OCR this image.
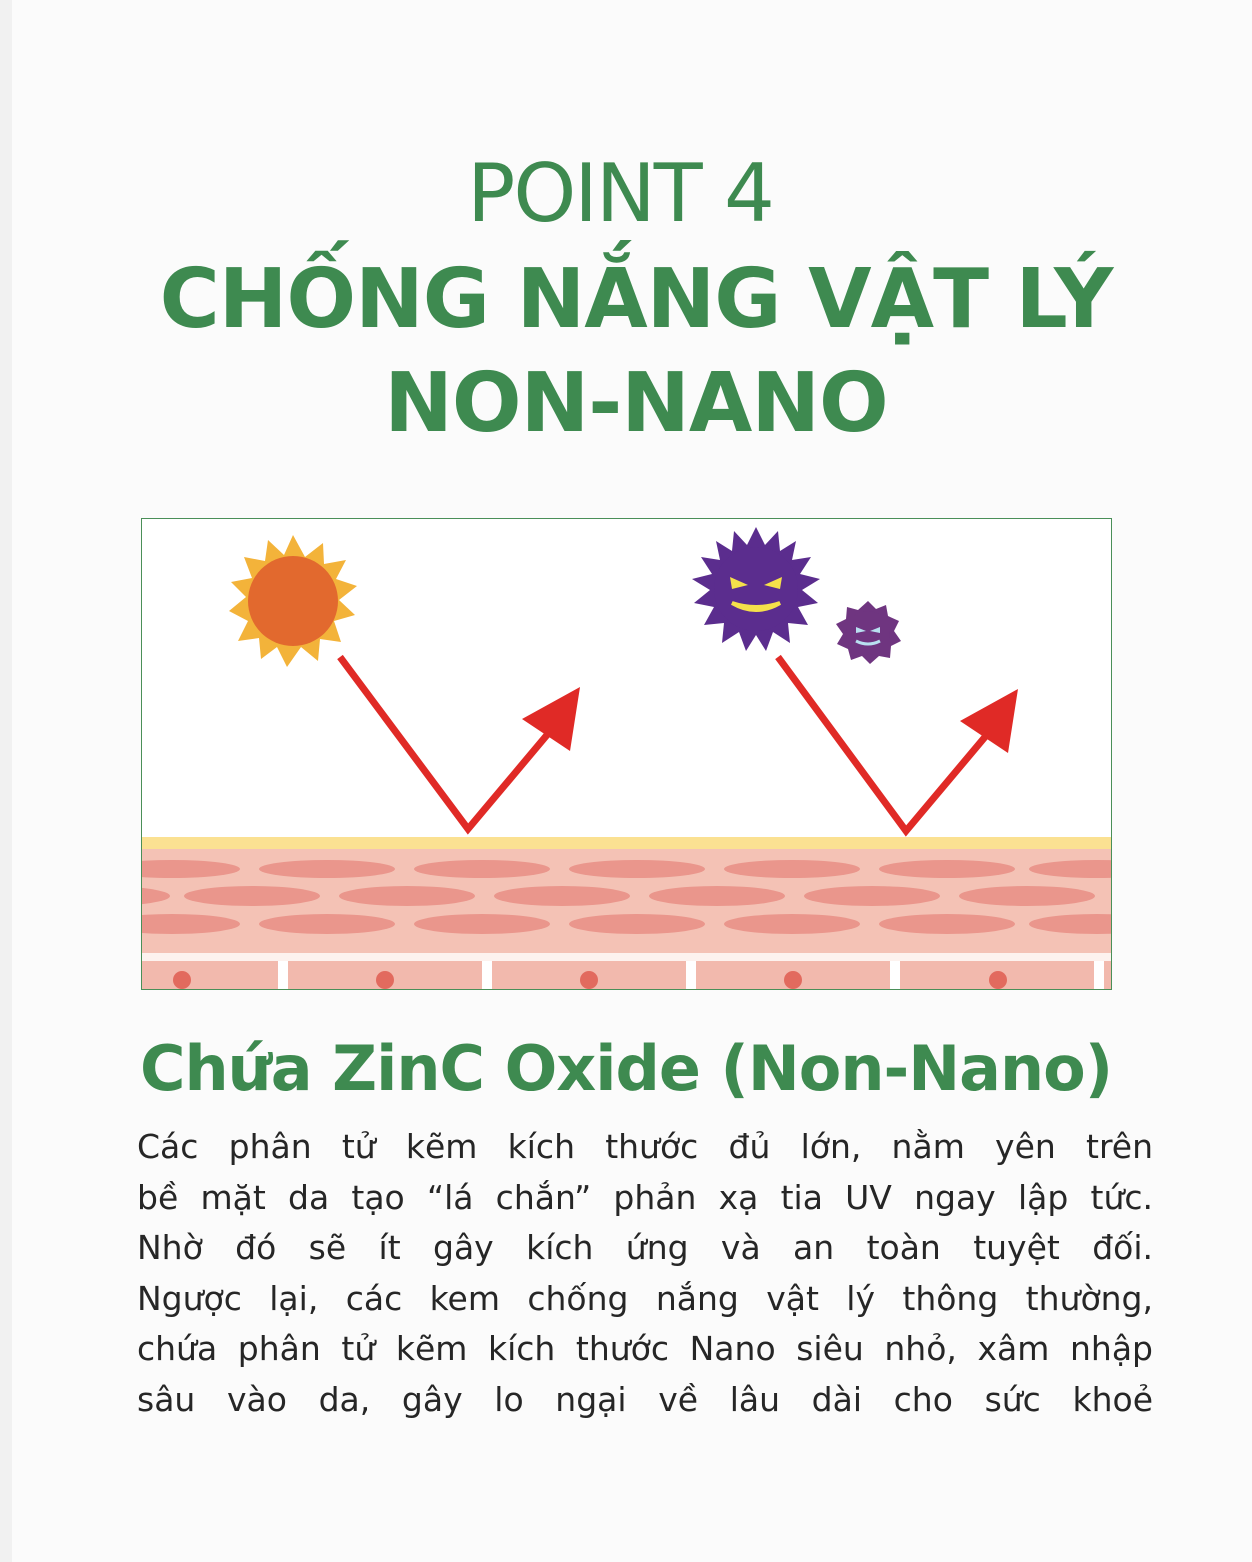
POINT 4
CHỐNG NẮNG VẬT LÝ
NON-NANO
Chứa ZinC Oxide (Non-Nano)
Các phân tử kẽm kích thước đủ lớn, nằm yên trên
bề mặt da tạo “lá chắn” phản xạ tia UV ngay lập tức.
Nhờ đó sẽ ít gây kích ứng và an toàn tuyệt đối.
Ngược lại, các kem chống nắng vật lý thông thường,
chứa phân tử kẽm kích thước Nano siêu nhỏ, xâm nhập
sâu vào da, gây lo ngại về lâu dài cho sức khoẻ
